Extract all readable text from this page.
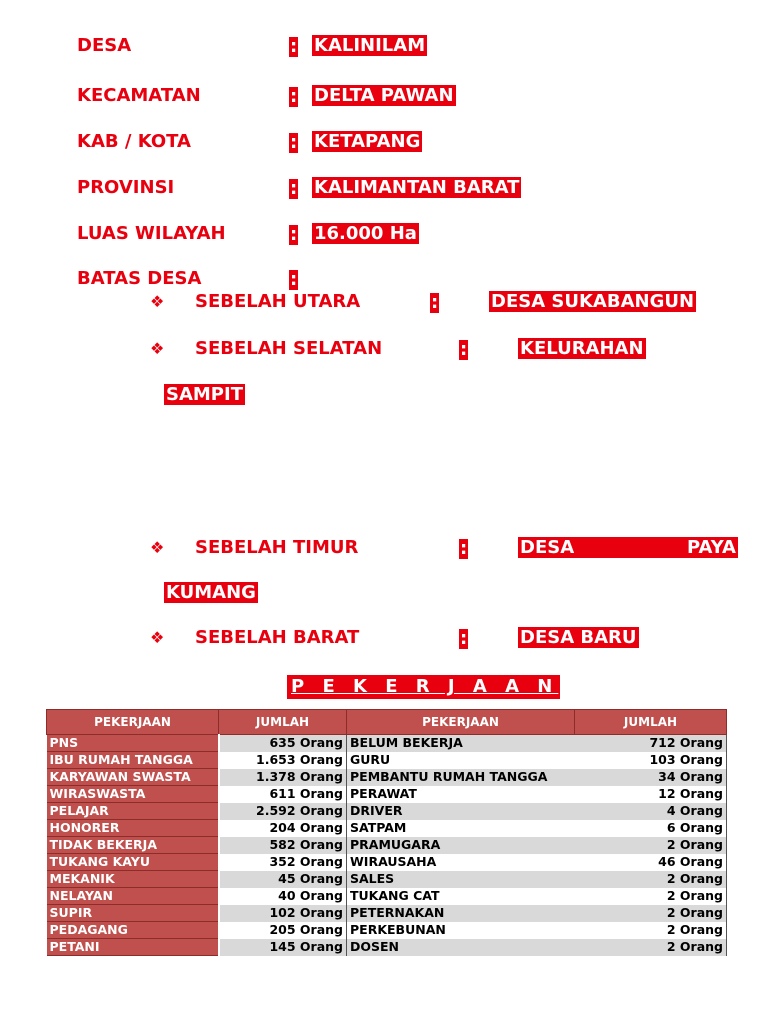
DESA	: KALINILAM
KECAMATAN	: DELTA PAWAN
KAB / KOTA	: KETAPANG
PROVINSI	: KALIMANTAN BARAT
LUAS WILAYAH	: 16.000 Ha
BATAS DESA	:
❖ SEBELAH UTARA	:	DESA SUKABANGUN
❖ SEBELAH SELATAN	:	KELURAHAN
SAMPIT
❖ SEBELAH TIMUR	:	DESA	PAYA
KUMANG
❖ SEBELAH BARAT	:	DESA BARU
P E K E R J A A N
PEKERJAAN	JUMLAH	PEKERJAAN	JUMLAH
PNS	635 Orang	BELUM BEKERJA	712 Orang
IBU RUMAH TANGGA	1.653 Orang	GURU	103 Orang
KARYAWAN SWASTA	1.378 Orang	PEMBANTU RUMAH TANGGA	34 Orang
WIRASWASTA	611 Orang	PERAWAT	12 Orang
PELAJAR	2.592 Orang	DRIVER	4 Orang
HONORER	204 Orang	SATPAM	6 Orang
TIDAK BEKERJA	582 Orang	PRAMUGARA	2 Orang
TUKANG KAYU	352 Orang	WIRAUSAHA	46 Orang
MEKANIK	45 Orang	SALES	2 Orang
NELAYAN	40 Orang	TUKANG CAT	2 Orang
SUPIR	102 Orang	PETERNAKAN	2 Orang
PEDAGANG	205 Orang	PERKEBUNAN	2 Orang
PETANI	145 Orang	DOSEN	2 Orang
